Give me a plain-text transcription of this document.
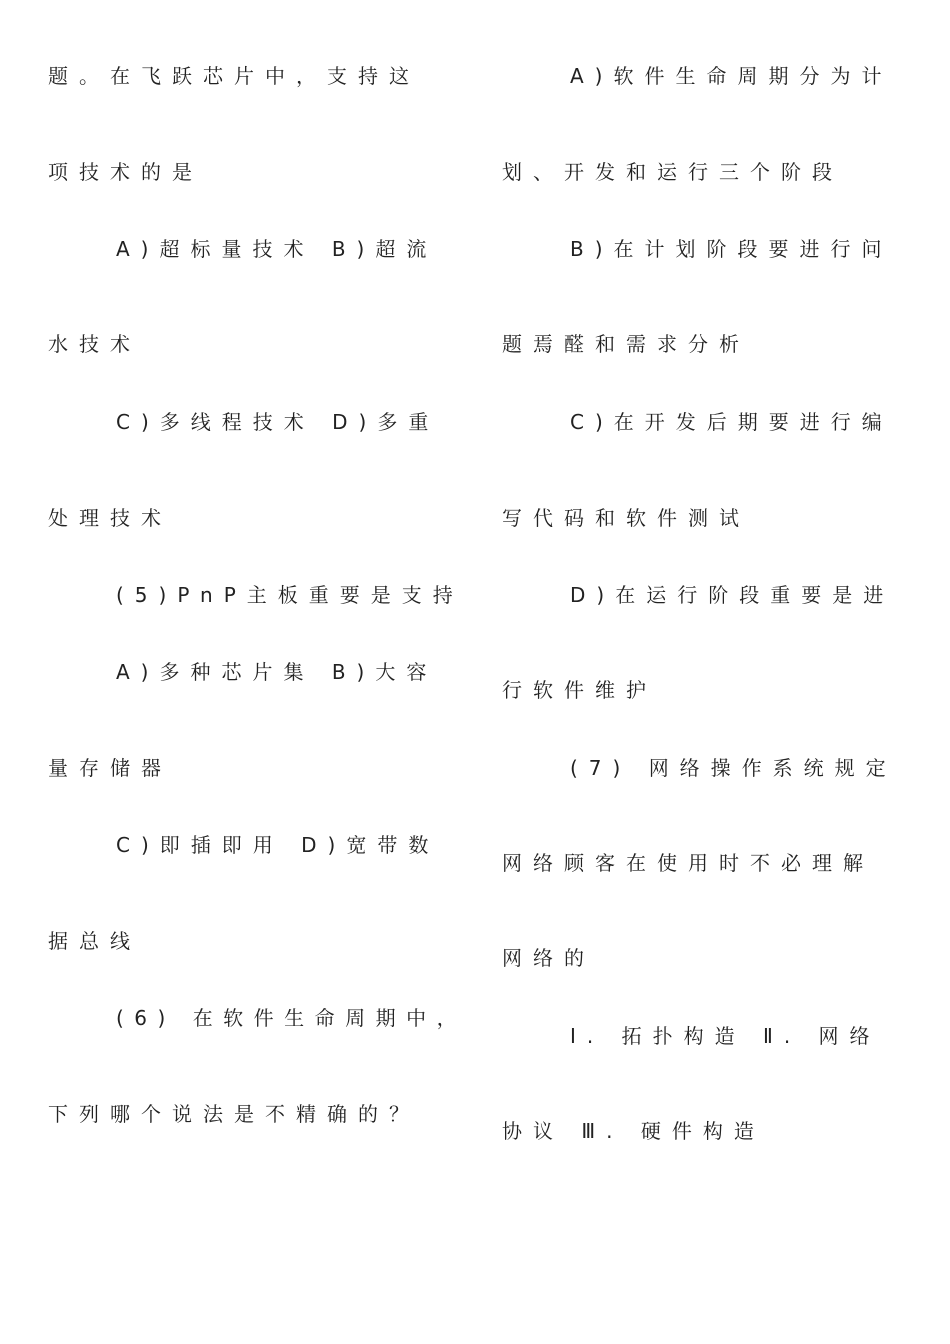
题。在飞跃芯片中，支持这
项技术的是
A)超标量技术 B)超流
水技术
C)多线程技术 D)多重
处理技术
(5)PnP主板重要是支持
A)多种芯片集 B)大容
量存储器
C)即插即用 D)宽带数
据总线
(6) 在软件生命周期中，
下列哪个说法是不精确的？
A)软件生命周期分为计
划、开发和运行三个阶段
B)在计划阶段要进行问
题焉醛和需求分析
C)在开发后期要进行编
写代码和软件测试
D)在运行阶段重要是进
行软件维护
(7) 网络操作系统规定
网络顾客在使用时不必理解
网络的
Ⅰ. 拓扑构造 Ⅱ. 网络
协议 Ⅲ. 硬件构造
